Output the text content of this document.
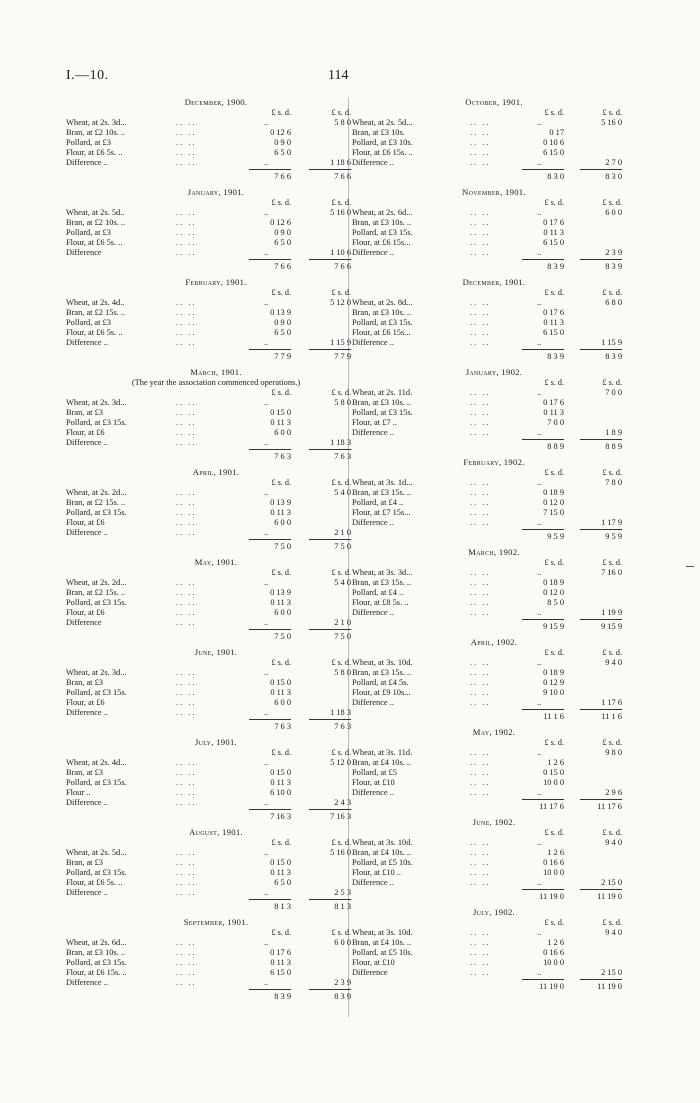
I.—10.	114
December, 1900.
£ s. d.	£ s. d.
Wheat, at 2s. 3d...	.. ..	..	5 8 0
Bran, at £2 10s. ..	.. ..	0 12 6
Pollard, at £3	.. ..	0 9 0
Flour, at £6 5s. ..	.. ..	6 5 0
Difference ..	.. ..	..	1 18 6
7 6 6	7 6 6
January, 1901.
£ s. d.	£ s. d.
Wheat, at 2s. 5d..	.. ..	..	5 16 0
Bran, at £2 10s. ..	.. ..	0 12 6
Pollard, at £3	.. ..	0 9 0
Flour, at £6 5s. ..	.. ..	6 5 0
Difference	.. ..	..	1 10 6
7 6 6	7 6 6
February, 1901.
£ s. d.	£ s. d.
Wheat, at 2s. 4d..	.. ..	..	5 12 0
Bran, at £2 15s. ..	.. ..	0 13 9
Pollard, at £3	.. ..	0 9 0
Flour, at £6 5s. ..	.. ..	6 5 0
Difference ..	.. ..	..	1 15 9
7 7 9	7 7 9
March, 1901.
(The year the association commenced operations.)
£ s. d.	£ s. d.
Wheat, at 2s. 3d...	.. ..	..	5 8 0
Bran, at £3	.. ..	0 15 0
Pollard, at £3 15s.	.. ..	0 11 3
Flour, at £6	.. ..	6 0 0
Difference ..	.. ..	..	1 18 3
7 6 3	7 6 3
April, 1901.
£ s. d.	£ s. d.
Wheat, at 2s. 2d...	.. ..	..	5 4 0
Bran, at £2 15s. ..	.. ..	0 13 9
Pollard, at £3 15s.	.. ..	0 11 3
Flour, at £6	.. ..	6 0 0
Difference ..	.. ..	..	2 1 0
7 5 0	7 5 0
May, 1901.
£ s. d.	£ s. d.
Wheat, at 2s. 2d...	.. ..	..	5 4 0
Bran, at £2 15s. ..	.. ..	0 13 9
Pollard, at £3 15s.	.. ..	0 11 3
Flour, at £6	.. ..	6 0 0
Difference	.. ..	..	2 1 0
7 5 0	7 5 0
June, 1901.
£ s. d.	£ s. d.
Wheat, at 2s. 3d...	.. ..	..	5 8 0
Bran, at £3	.. ..	0 15 0
Pollard, at £3 15s.	.. ..	0 11 3
Flour, at £6	.. ..	6 0 0
Difference ..	.. ..	..	1 18 3
7 6 3	7 6 3
July, 1901.
£ s. d.	£ s. d.
Wheat, at 2s. 4d...	.. ..	..	5 12 0
Bran, at £3	.. ..	0 15 0
Pollard, at £3 15s.	.. ..	0 11 3
Flour ..	.. ..	6 10 0
Difference ..	.. ..	..	2 4 3
7 16 3	7 16 3
August, 1901.
£ s. d.	£ s. d.
Wheat, at 2s. 5d...	.. ..	..	5 16 0
Bran, at £3	.. ..	0 15 0
Pollard, at £3 15s.	.. ..	0 11 3
Flour, at £6 5s. ..	.. ..	6 5 0
Difference ..	.. ..	..	2 5 3
8 1 3	8 1 3
September, 1901.
£ s. d.	£ s. d.
Wheat, at 2s. 6d...	.. ..	..	6 0 0
Bran, at £3 10s. ..	.. ..	0 17 6
Pollard, at £3 15s.	.. ..	0 11 3
Flour, at £6 15s. ..	.. ..	6 15 0
Difference ..	.. ..	..	2 3 9
8 3 9	8 3 9
October, 1901.
£ s. d.	£ s. d.
Wheat, at 2s. 5d...	.. ..	..	5 16 0
Bran, at £3 10s.	.. ..	0 17
Pollard, at £3 10s.	.. ..	0 10 6
Flour, at £6 15s. ..	.. ..	6 15 0
Difference ..	.. ..	..	2 7 0
8 3 0	8 3 0
November, 1901.
£ s. d.	£ s. d.
Wheat, at 2s. 6d...	.. ..	..	6 0 0
Bran, at £3 10s. ..	.. ..	0 17 6
Pollard, at £3 15s.	.. ..	0 11 3
Flour, at £6 15s...	.. ..	6 15 0
Difference ..	.. ..	..	2 3 9
8 3 9	8 3 9
December, 1901.
£ s. d.	£ s. d.
Wheat, at 2s. 8d...	.. ..	..	6 8 0
Bran, at £3 10s. ..	.. ..	0 17 6
Pollard, at £3 15s.	.. ..	0 11 3
Flour, at £6 15s...	.. ..	6 15 0
Difference ..	.. ..	..	1 15 9
8 3 9	8 3 9
January, 1902.
£ s. d.	£ s. d.
Wheat, at 2s. 11d.	.. ..	..	7 0 0
Bran, at £3 10s. ..	.. ..	0 17 6
Pollard, at £3 15s.	.. ..	0 11 3
Flour, at £7 ..	.. ..	7 0 0
Difference ..	.. ..	..	1 8 9
8 8 9	8 8 9
February, 1902.
£ s. d.	£ s. d.
Wheat, at 3s. 1d...	.. ..	..	7 8 0
Bran, at £3 15s. ..	.. ..	0 18 9
Pollard, at £4 ..	.. ..	0 12 0
Flour, at £7 15s...	.. ..	7 15 0
Difference ..	.. ..	..	1 17 9
9 5 9	9 5 9
March, 1902.
£ s. d.	£ s. d.
Wheat, at 3s. 3d...	.. ..	..	7 16 0
Bran, at £3 15s. ..	.. ..	0 18 9
Pollard, at £4 ..	.. ..	0 12 0
Flour, at £8 5s. ..	.. ..	8 5 0
Difference ..	.. ..	..	1 19 9
9 15 9	9 15 9
April, 1902.
£ s. d.	£ s. d.
Wheat, at 3s. 10d.	.. ..	..	9 4 0
Bran, at £3 15s. ..	.. ..	0 18 9
Pollard, at £4 5s.	.. ..	0 12 9
Flour, at £9 10s...	.. ..	9 10 0
Difference ..	.. ..	..	1 17 6
11 1 6	11 1 6
May, 1902.
£ s. d.	£ s. d.
Wheat, at 3s. 11d.	.. ..	..	9 8 0
Bran, at £4 10s. ..	.. ..	1 2 6
Pollard, at £5	.. ..	0 15 0
Flour, at £10	.. ..	10 0 0
Difference ..	.. ..	..	2 9 6
11 17 6	11 17 6
June, 1902.
£ s. d.	£ s. d.
Wheat, at 3s. 10d.	.. ..	..	9 4 0
Bran, at £4 10s. ..	.. ..	1 2 6
Pollard, at £5 10s.	.. ..	0 16 6
Flour, at £10 ..	.. ..	10 0 0
Difference ..	.. ..	..	2 15 0
11 19 0	11 19 0
July, 1902.
£ s. d.	£ s. d.
Wheat, at 3s. 10d.	.. ..	..	9 4 0
Bran, at £4 10s. ..	.. ..	1 2 6
Pollard, at £5 10s.	.. ..	0 16 6
Flour, at £10	.. ..	10 0 0
Difference	.. ..	..	2 15 0
11 19 0	11 19 0
